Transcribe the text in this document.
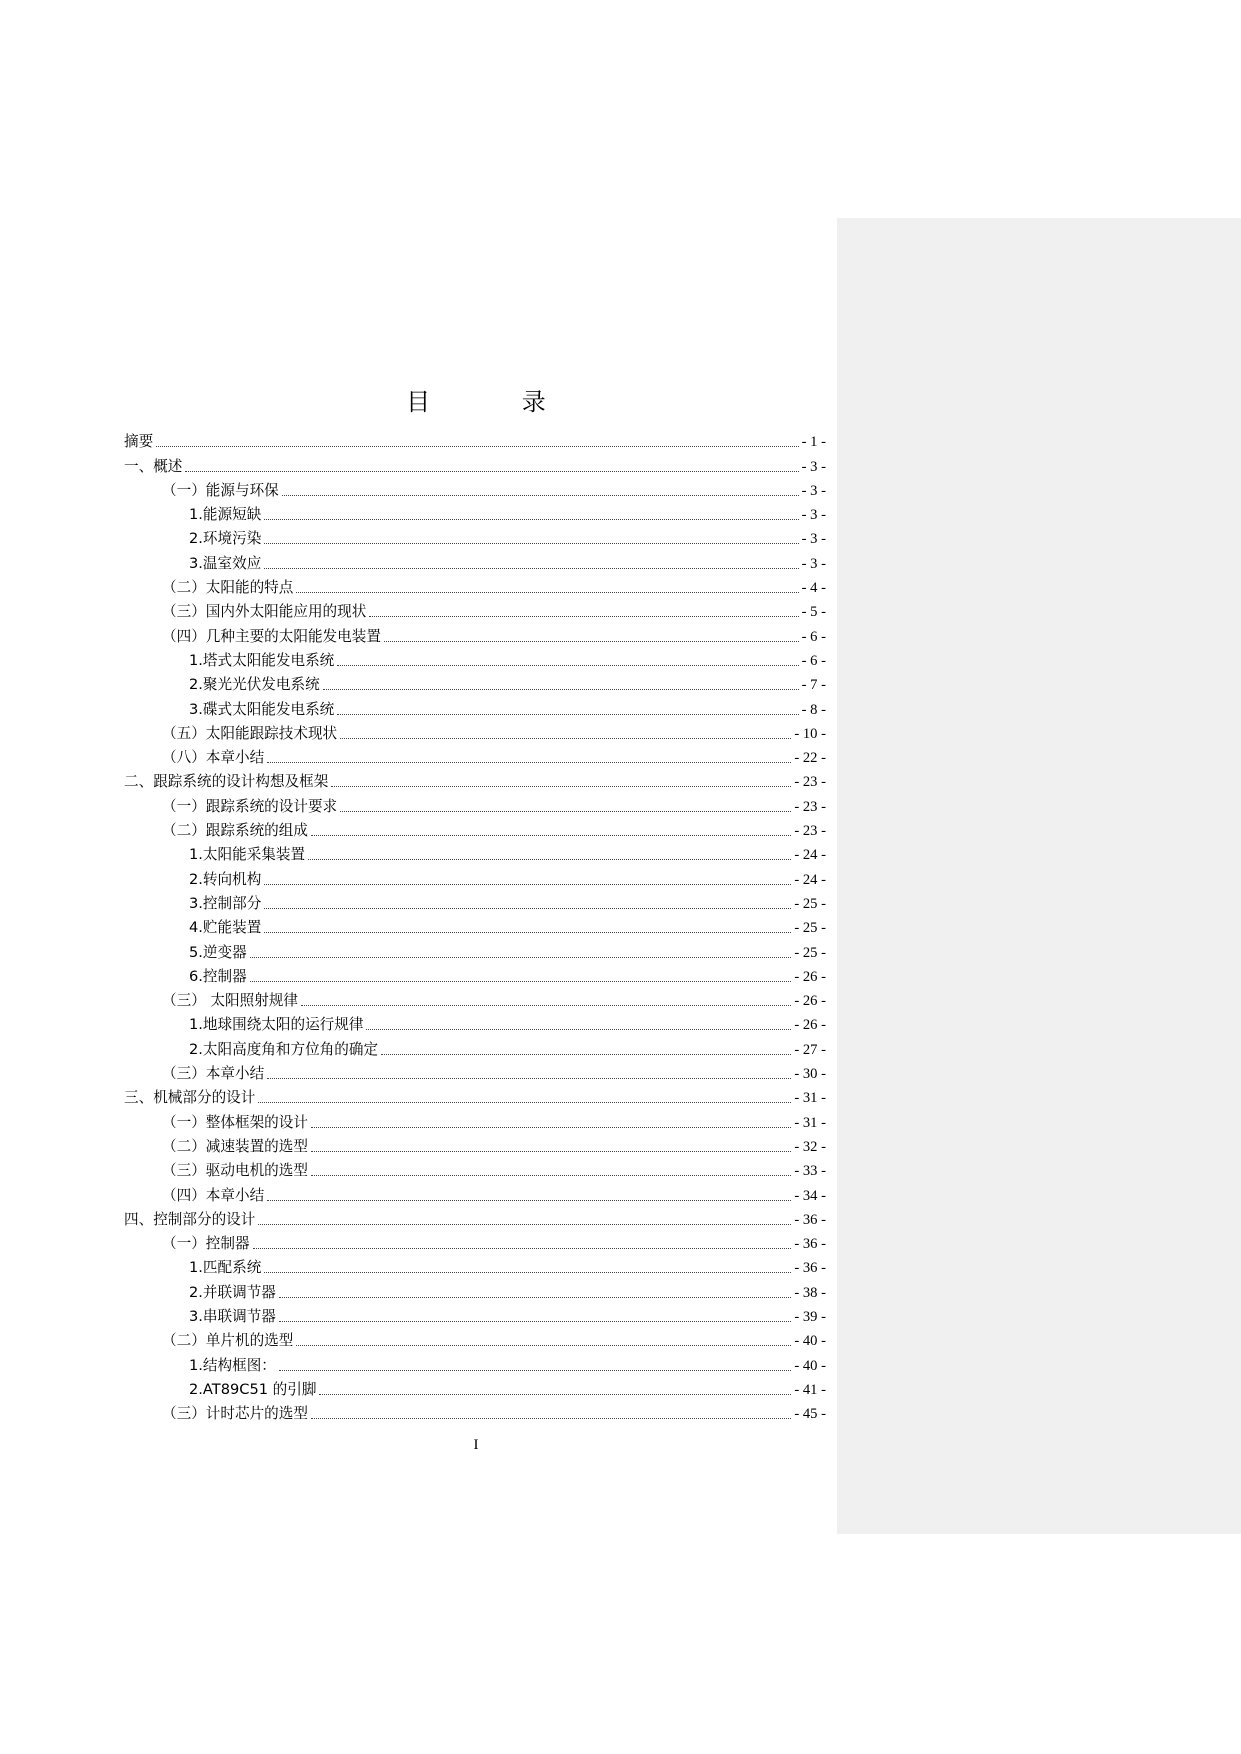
目 录
摘要	- 1 -
一、概述	- 3 -
（一）能源与环保	- 3 -
1.能源短缺	- 3 -
2.环境污染	- 3 -
3.温室效应	- 3 -
（二）太阳能的特点	- 4 -
（三）国内外太阳能应用的现状	- 5 -
（四）几种主要的太阳能发电装置	- 6 -
1.塔式太阳能发电系统	- 6 -
2.聚光光伏发电系统	- 7 -
3.碟式太阳能发电系统	- 8 -
（五）太阳能跟踪技术现状	- 10 -
（八）本章小结	- 22 -
二、跟踪系统的设计构想及框架	- 23 -
（一）跟踪系统的设计要求	- 23 -
（二）跟踪系统的组成	- 23 -
1.太阳能采集装置	- 24 -
2.转向机构	- 24 -
3.控制部分	- 25 -
4.贮能装置	- 25 -
5.逆变器	- 25 -
6.控制器	- 26 -
（三） 太阳照射规律	- 26 -
1.地球围绕太阳的运行规律	- 26 -
2.太阳高度角和方位角的确定	- 27 -
（三）本章小结	- 30 -
三、机械部分的设计	- 31 -
（一）整体框架的设计	- 31 -
（二）减速装置的选型	- 32 -
（三）驱动电机的选型	- 33 -
（四）本章小结	- 34 -
四、控制部分的设计	- 36 -
（一）控制器	- 36 -
1.匹配系统	- 36 -
2.并联调节器	- 38 -
3.串联调节器	- 39 -
（二）单片机的选型	- 40 -
1.结构框图：	- 40 -
2.AT89C51 的引脚	- 41 -
（三）计时芯片的选型	- 45 -
I
